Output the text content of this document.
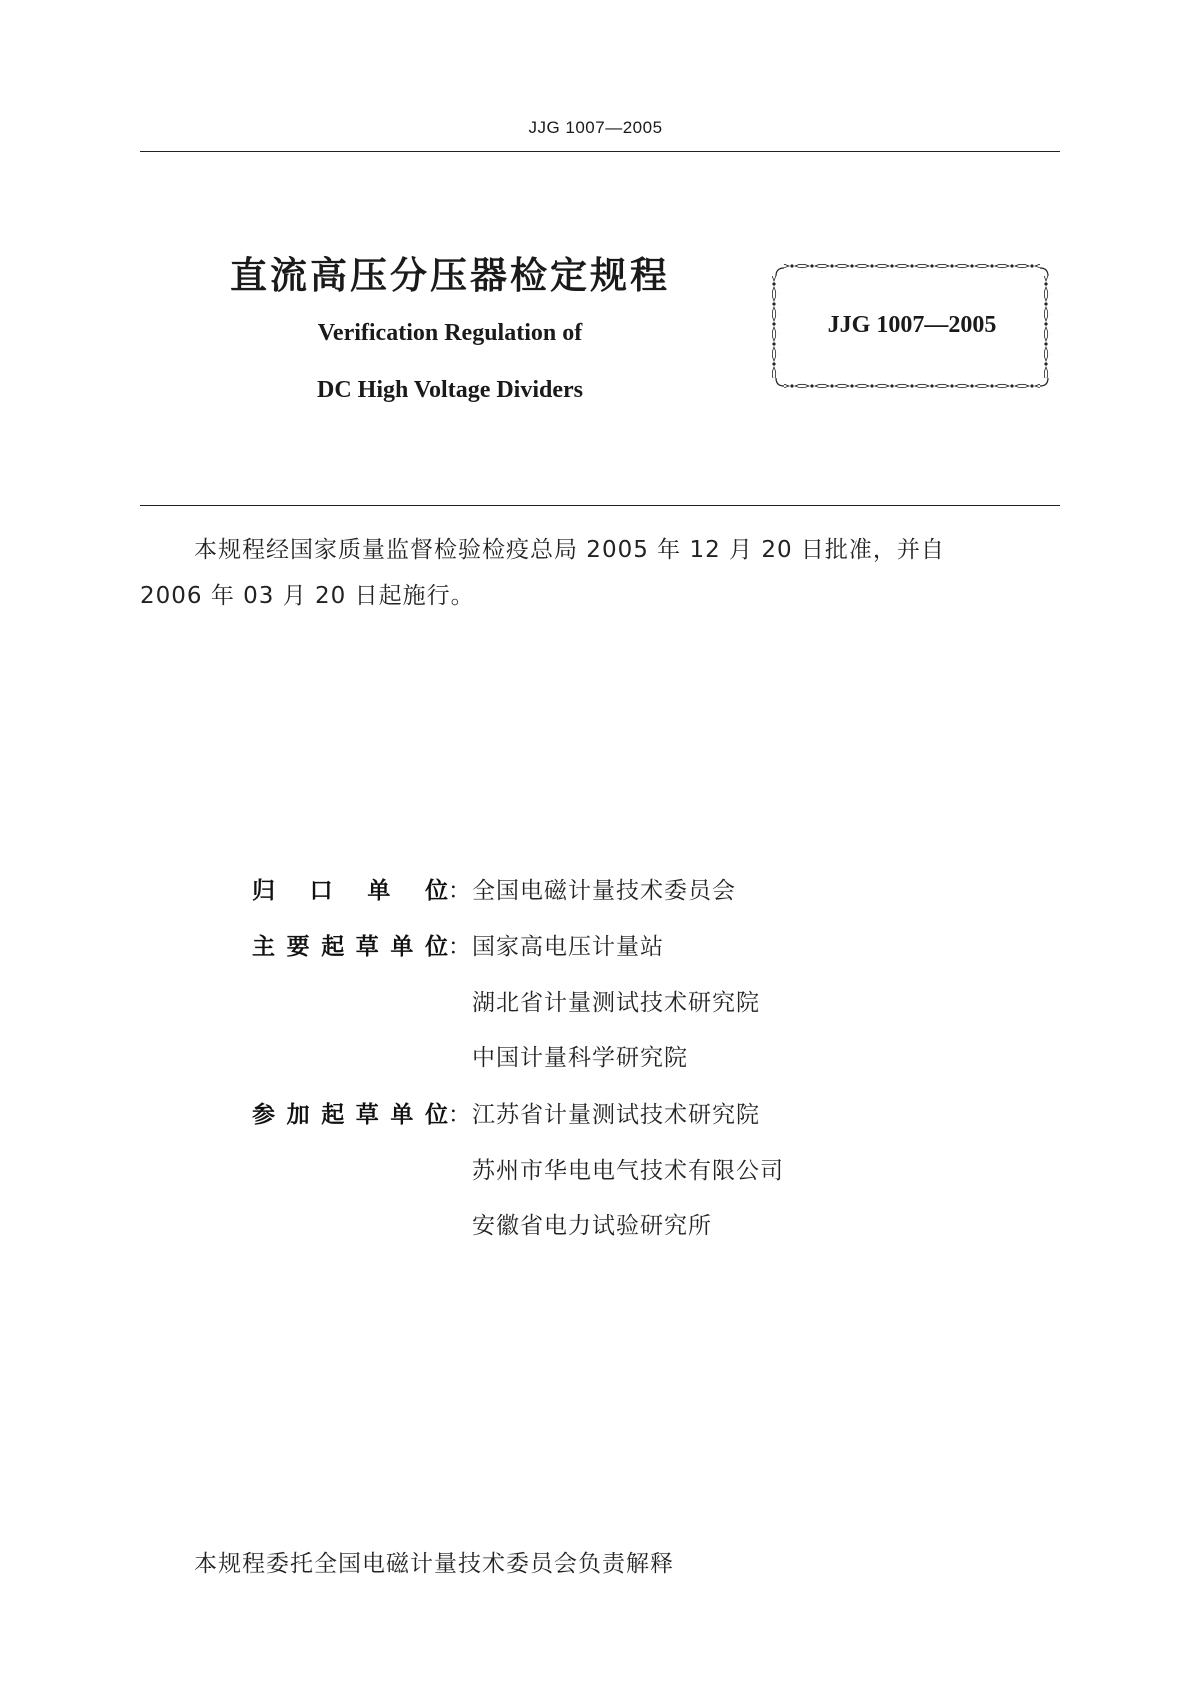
JJG 1007—2005
直流高压分压器检定规程
Verification Regulation of
DC High Voltage Dividers
JJG 1007—2005
本规程经国家质量监督检验检疫总局 2005 年 12 月 20 日批准，并自
2006 年 03 月 20 日起施行。
归口单位 ： 全国电磁计量技术委员会
主要起草单位 ： 国家高电压计量站
湖北省计量测试技术研究院
中国计量科学研究院
参加起草单位 ： 江苏省计量测试技术研究院
苏州市华电电气技术有限公司
安徽省电力试验研究所
本规程委托全国电磁计量技术委员会负责解释
